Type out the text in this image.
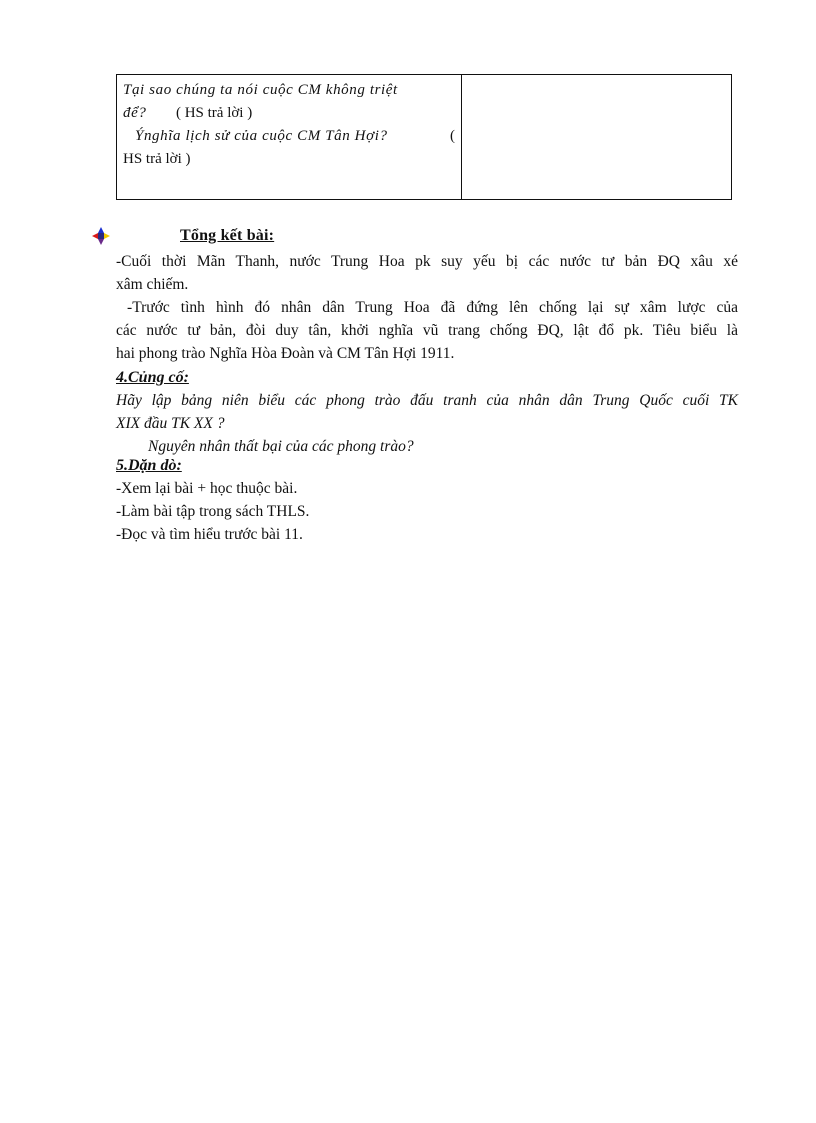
Tại sao chúng ta nói cuộc CM không triệt
để? ( HS trả lời )
Ýnghĩa lịch sử của cuộc CM Tân Hợi?	(
HS trả lời )
Tổng kết bài:

-Cuối thời Mãn Thanh, nước Trung Hoa pk suy yếu bị các nước tư bản ĐQ xâu xé

xâm chiếm.

-Trước tình hình đó nhân dân Trung Hoa đã đứng lên chống lại sự xâm lược của

các nước tư bản, đòi duy tân, khởi nghĩa vũ trang chống ĐQ, lật đổ pk. Tiêu biểu là

hai phong trào Nghĩa Hòa Đoàn và CM Tân Hợi 1911.

4.Củng cố:

Hãy lập bảng niên biểu các phong trào đấu tranh của nhân dân Trung Quốc cuối TK

XIX đầu TK XX ?

Nguyên nhân thất bại của các phong trào?

5.Dặn dò:

-Xem lại bài + học thuộc bài.

-Làm bài tập trong sách THLS.

-Đọc và tìm hiểu trước bài 11.
